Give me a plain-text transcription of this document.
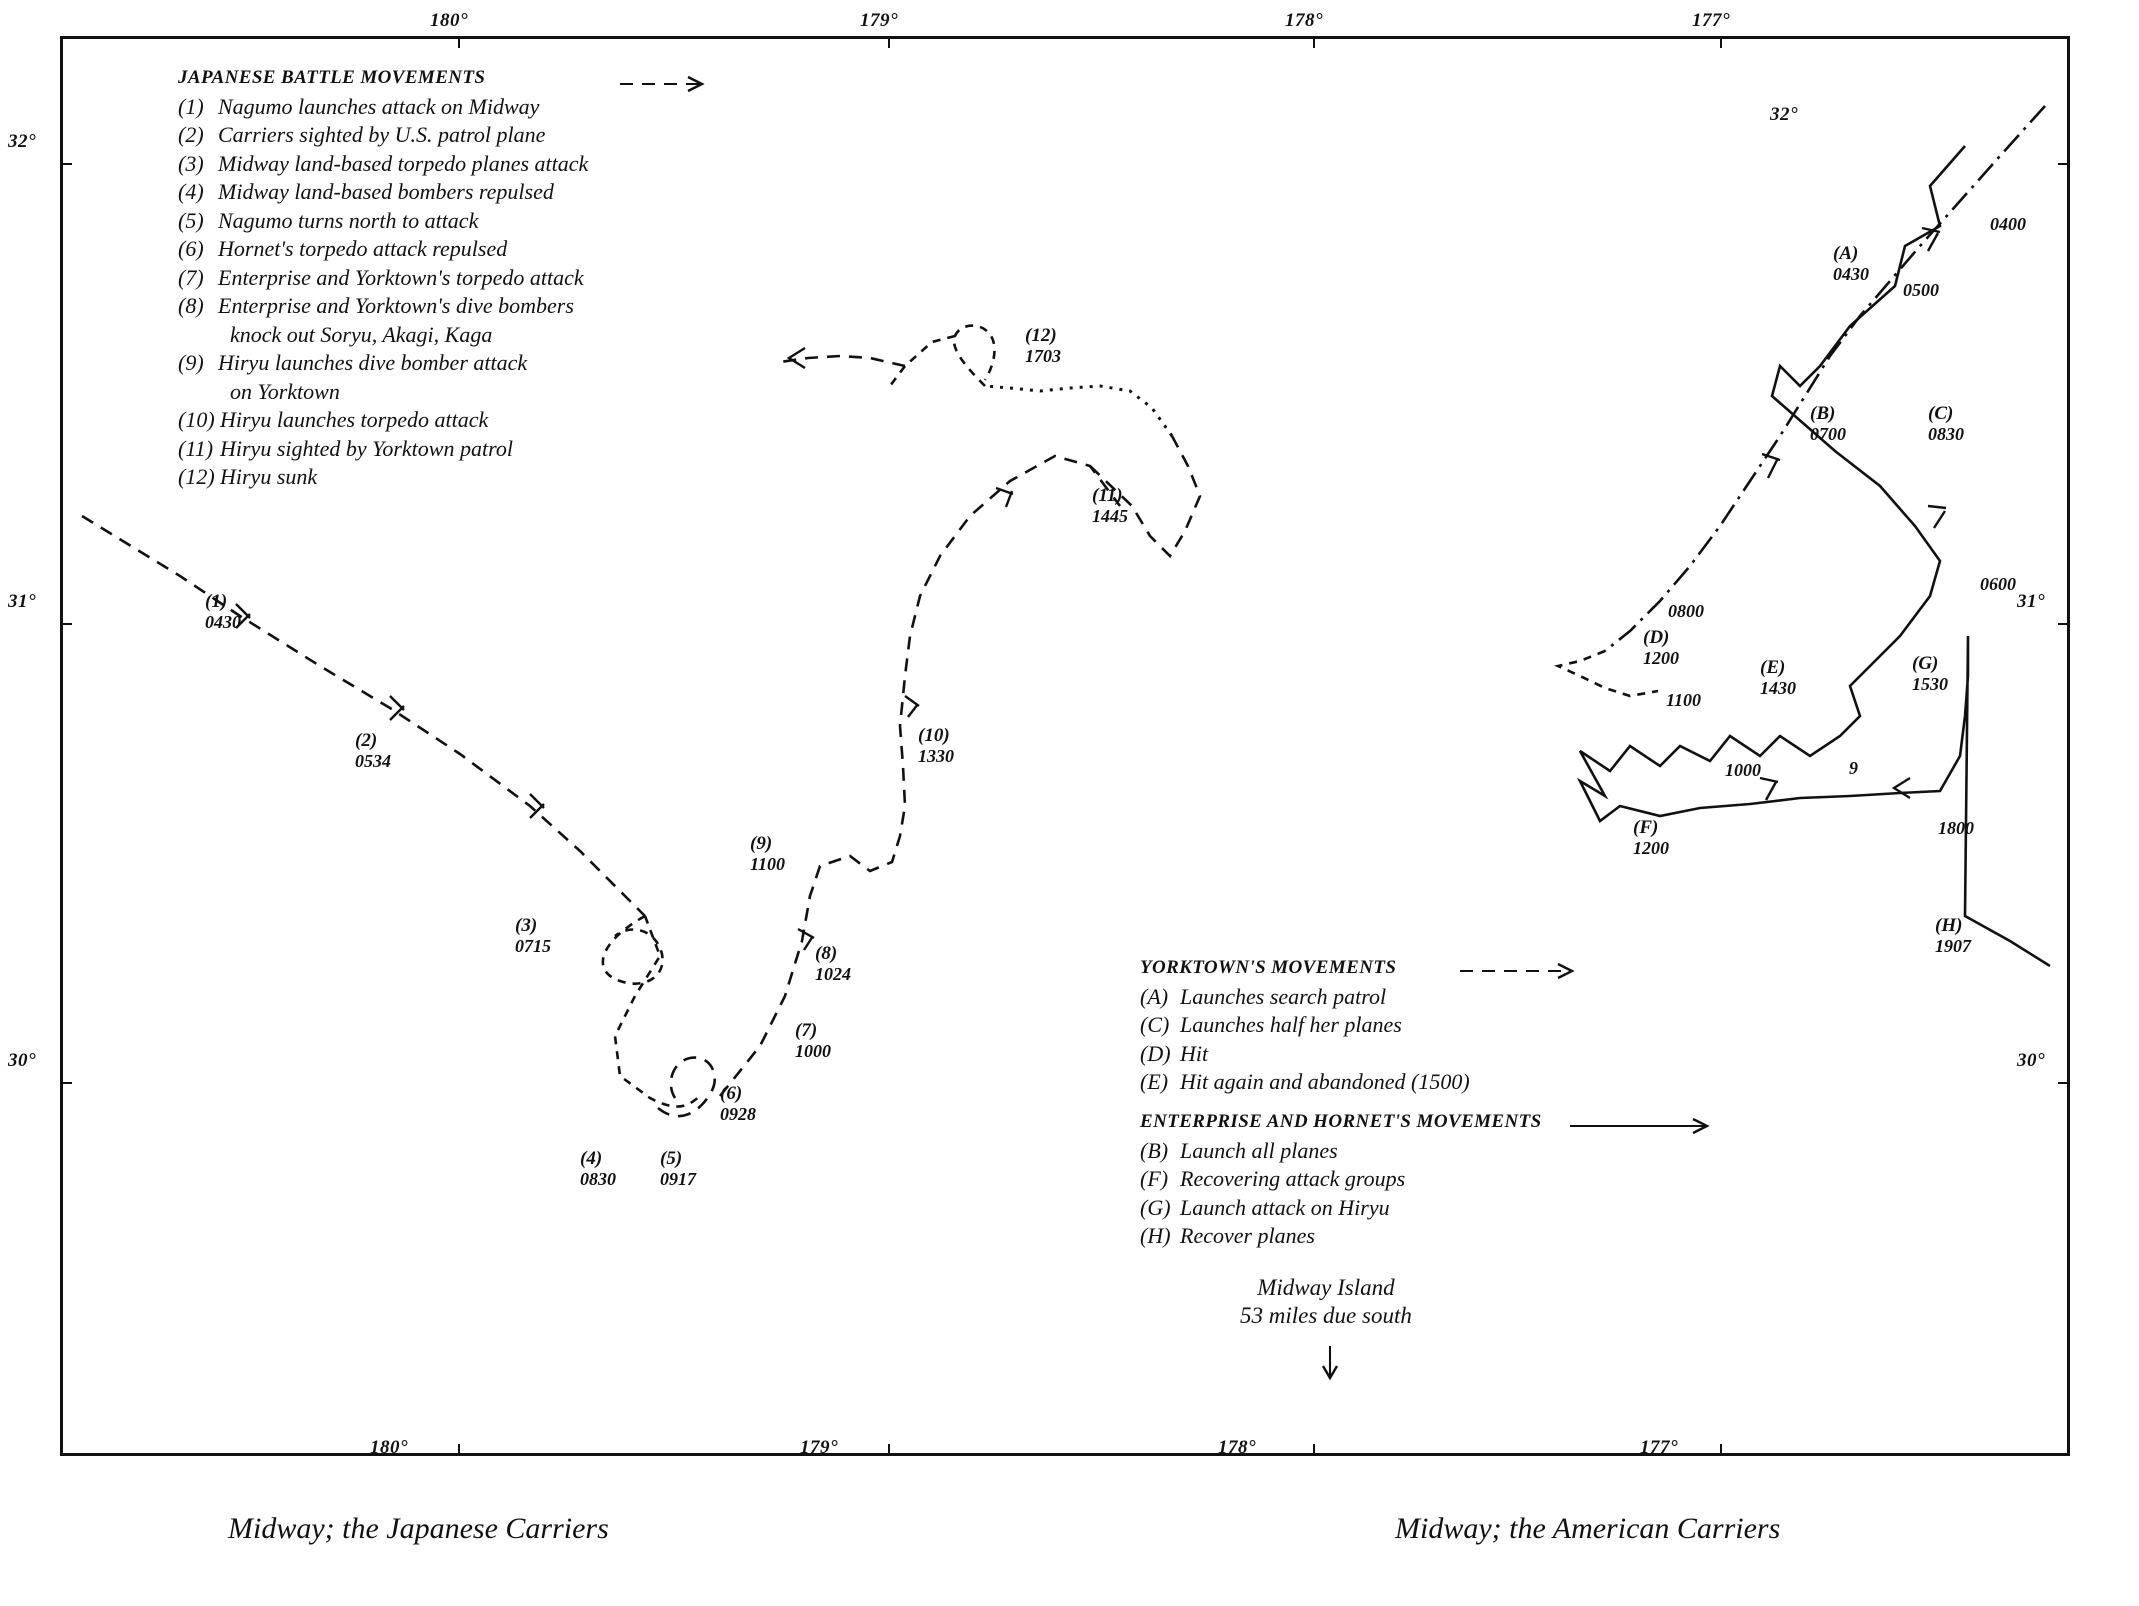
180°	179°	178°	177°
180°	179°	178°	177°
32°
31°
30°
32°
31°
30°
JAPANESE BATTLE MOVEMENTS
(1) Nagumo launches attack on Midway
(2) Carriers sighted by U.S. patrol plane
(3) Midway land-based torpedo planes attack
(4) Midway land-based bombers repulsed
(5) Nagumo turns north to attack
(6) Hornet's torpedo attack repulsed
(7) Enterprise and Yorktown's torpedo attack
(8) Enterprise and Yorktown's dive bombers
knock out Soryu, Akagi, Kaga
(9) Hiryu launches dive bomber attack
on Yorktown
(10) Hiryu launches torpedo attack
(11) Hiryu sighted by Yorktown patrol
(12) Hiryu sunk
YORKTOWN'S MOVEMENTS
(A) Launches search patrol
(C) Launches half her planes
(D) Hit
(E) Hit again and abandoned (1500)
ENTERPRISE AND HORNET'S MOVEMENTS
(B) Launch all planes
(F) Recovering attack groups
(G) Launch attack on Hiryu
(H) Recover planes
(1)
0430
(2)
0534
(3)
0715
(4)
0830
(5)
0917
(6)
0928
(7)
1000
(8)
1024
(9)
1100
(10)
1330
(11)
1445
(12)
1703
(A)
0430
(B)
0700
(C)
0830
(D)
1200	(E)
1430
(F)
1200
(G)
1530
(H)
1907
0400
0500
0600
0800
1100
1000	9
1800
Midway Island
53 miles due south
Midway; the Japanese Carriers	Midway; the American Carriers
